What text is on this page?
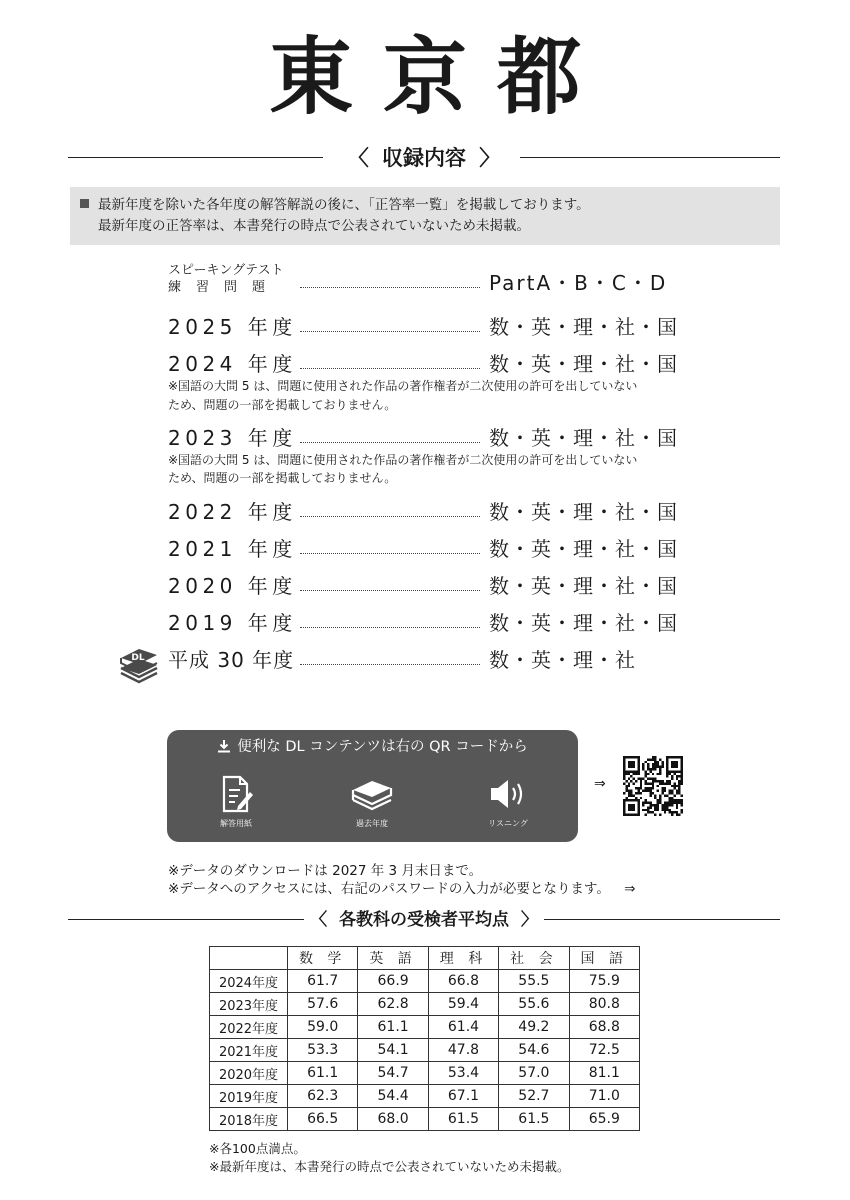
東京都
〈 収録内容 〉
最新年度を除いた各年度の解答解説の後に、「正答率一覧」を掲載しております。
最新年度の正答率は、本書発行の時点で公表されていないため未掲載。
スピーキングテスト
練　習　問　題	PartA・B・C・D
2025 年度	数・英・理・社・国
2024 年度	数・英・理・社・国
※国語の大問 5 は、問題に使用された作品の著作権者が二次使用の許可を出していない
ため、問題の一部を掲載しておりません。
2023 年度	数・英・理・社・国
※国語の大問 5 は、問題に使用された作品の著作権者が二次使用の許可を出していない
ため、問題の一部を掲載しておりません。
2022 年度	数・英・理・社・国
2021 年度	数・英・理・社・国
2020 年度	数・英・理・社・国
2019 年度	数・英・理・社・国
DL 平成 30 年度	数・英・理・社
便利な DL コンテンツは右の QR コードから
解答用紙	過去年度	リスニング
⇒
※データのダウンロードは 2027 年 3 月末日まで。
※データへのアクセスには、右記のパスワードの入力が必要となります。 ⇒
〈 各教科の受検者平均点 〉
	数 学	英 語	理 科	社 会	国 語
2024年度	61.7	66.9	66.8	55.5	75.9
2023年度	57.6	62.8	59.4	55.6	80.8
2022年度	59.0	61.1	61.4	49.2	68.8
2021年度	53.3	54.1	47.8	54.6	72.5
2020年度	61.1	54.7	53.4	57.0	81.1
2019年度	62.3	54.4	67.1	52.7	71.0
2018年度	66.5	68.0	61.5	61.5	65.9
※各100点満点。
※最新年度は、本書発行の時点で公表されていないため未掲載。
